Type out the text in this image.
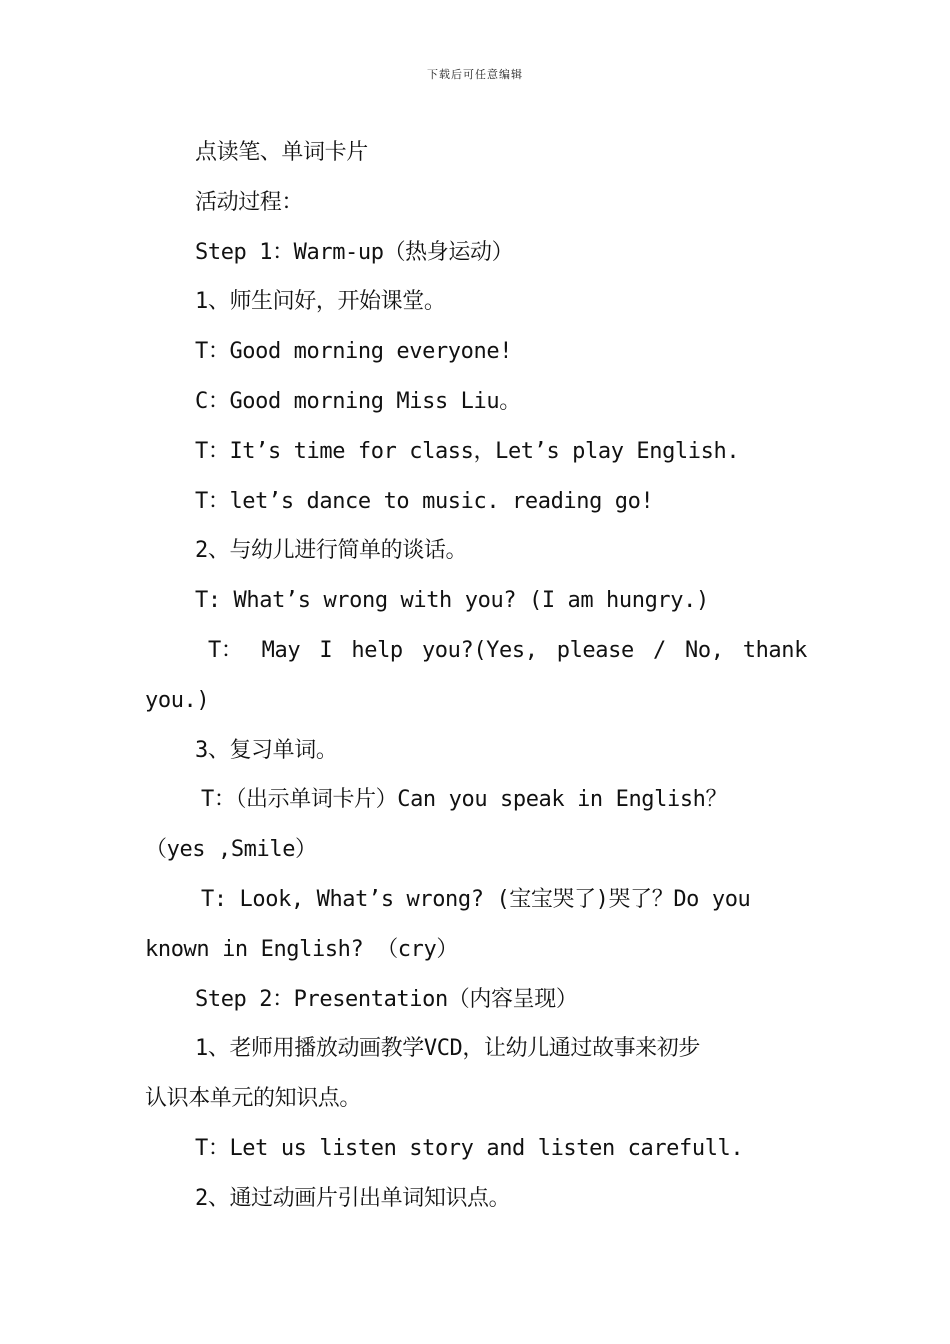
下载后可任意编辑
点读笔、单词卡片
活动过程：
Step 1：Warm-up（热身运动）
1、师生问好，开始课堂。
T：Good morning everyone!
C：Good morning Miss Liu。
T：It’s time for class，Let’s play English.
T：let’s dance to music. reading go!
2、与幼儿进行简单的谈话。
T: What’s wrong with you? (I am hungry.)
T： May I help you?(Yes, please / No, thank
you.)
3、复习单词。
T：（出示单词卡片）Can you speak in English？
（yes ,Smile）
T: Look, What’s wrong? (宝宝哭了)哭了？Do you
known in English? （cry）
Step 2：Presentation（内容呈现）
1、老师用播放动画教学VCD，让幼儿通过故事来初步
认识本单元的知识点。
T：Let us listen story and listen carefull.
2、通过动画片引出单词知识点。
